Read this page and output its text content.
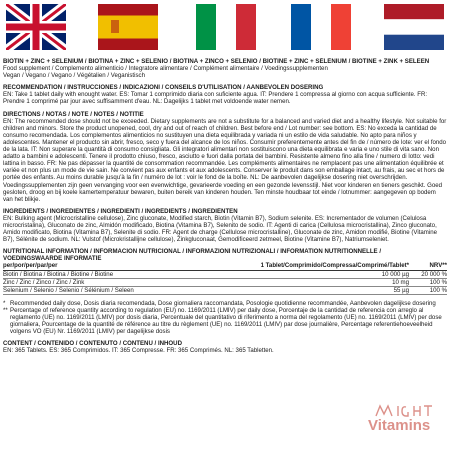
BIOTIN + ZINC + SELENIUM / BIOTINA + ZINC + SELENIO / BIOTINA + ZINCO + SELENIO / BIOTINE + ZINC + SÉLÉNIUM / BIOTINE + ZINK + SELEEN
Food supplement / Complemento alimenticio / Integratore alimentare / Complément alimentaire / Voedingssupplementen
Vegan / Vegano / Vegano / Végétalien / Veganistisch
RECOMMENDATION / INSTRUCCIONES / INDICAZIONI / CONSEILS D'UTILISATION / AANBEVOLEN DOSERING
EN: Take 1 tablet daily with enought water. ES: Tomar 1 comprimido diaria con suficiente agua. IT: Prendere 1 compressa al giorno con acqua sufficiente. FR: Prendre 1 comprimé par jour avec suffisamment d'eau. NL: Dagelijks 1 tablet met voldoende water nemen.
DIRECTIONS / NOTAS / NOTE / NOTES / NOTITIE
EN: The recommended dose should not be exceeded. Dietary supplements are not a substitute for a balanced and varied diet and a healthy lifestyle. Not suitable for children and minors. Store the product unopened, cool, dry and out of reach of children. Best before end / Lot number: see bottom. ES: No exceda la cantidad de consumo recomendada. Los complementos alimenticios no sustituyen una dieta equilibrada y variada ni un estilo de vida saludable. No apto para niños y adolescentes. Mantener el producto sin abrir, fresco, seco y fuera del alcance de los niños. Consumir preferentemente antes del fin de / número de lote: ver el fondo de la lata. IT: Non superare la quantità di consumo consigliata. Gli integratori alimentari non sostituiscono una dieta equilibrata e varia e uno stile di vita sano. Non adatto a bambini e adolescenti. Tenere il prodotto chiuso, fresco, asciutto e fuori dalla portata dei bambini. Resistente almeno fino alla fine / numero di lotto: vedi lattina in basso. FR: Ne pas dépasser la quantité de consommation recommandée. Les compléments alimentaires ne remplacent pas une alimentation équilibrée et variée et non plus un mode de vie sain. Ne convient pas aux enfants et aux adolescents. Conserver le produit dans son emballage intact, au frais, au sec et hors de portée des enfants. Au moins durable jusqu'à la fin / numéro de lot : voir le fond de la boîte. NL: De aanbevolen dagelijkse dosering niet overschrijden. Voedingssupplementen zijn geen vervanging voor een evenwichtige, gevarieerde voeding en een gezonde levensstijl. Niet voor kinderen en tieners geschikt. Goed gesloten, droog en bij koele kamertemperatuur bewaren, buiten bereik van kinderen houden. Ten minste houdbaar tot einde / lotnummer: aangegeven op bodem van het blikje.
INGREDIENTS / INGREDIENTES / INGREDIENTI / INGRÉDIENTS / INGREDIËNTEN
EN: Bulking agent (Microcristalline cellulose), Zinc gluconate, Modified starch, Biotin (Vitamin B7), Sodium selenite. ES: Incrementador de volumen (Celulosa microcristalina), Gluconato de zinc, Almidón modificado, Biotina (Vitamina B7), Selenito de sodio. IT: Agenti di carica (Cellulosa microcristallina), Zinco gluconato, Amido modificato, Biotina (Vitamina B7), Selenite di sodio. FR: Agent de charge (Cellulose microcristalline), Gluconate de zinc, Amidon modifié, Biotine (Vitamine B7), Sélénite de sodium. NL: Vulstof (Microkristallijne cellulose), Zinkgluconaat, Gemodificeerd zetmeel, Biotine (Vitamine B7), Natriumseleniet.
NUTRITIONAL INFORMATION / INFORMACIÓN NUTRICIONAL / INFORMAZIONI NUTRIZIONALI / INFORMATION NUTRITIONNELLE /
VOEDINGSWAARDE INFORMATIE
per/por/per/par/per	1 Tablet/Comprimido/Compressa/Comprimé/Tablet*	NRV**
Biotin / Biotina / Biotina / Biotine / Biotine	10 000 µg	20 000 %
Zinc / Zinc / Zinco / Zinc / Zink	10 mg	100 %
Selenium / Selenio / Selenio / Sélénium / Seleen	55 µg	100 %
* Recommended daily dose, Dosis diaria recomendada, Dose giornaliera raccomandata, Posologie quotidienne recommandée, Aanbevolen dagelijkse dosering
** Percentage of reference quantity according to regulation (EU) no. 1169/2011 (LMIV) per daily dose, Porcentaje de la cantidad de referencia con arreglo al reglamento (UE) no. 1169/2011 (LMIV) por dosis diaria, Percentuale del quantitativo di riferimento a norma del regolamento (UE) no. 1169/2011 (LMIV) per dose giornaliera, Pourcentage de la quantité de référence au titre du règlement (UE) no. 1169/2011 (LMIV) par dose journalière, Percentage referentiehoeveelheid volgens VO (EU) Nr. 1169/2011 (LMIV) per dagelijkse dosis
CONTENT / CONTENIDO / CONTENUTO / CONTENU / INHOUD
EN: 365 Tablets. ES: 365 Comprimidos. IT: 365 Compresse. FR: 365 Comprimés. NL: 365 Tabletten.
Vitamins
